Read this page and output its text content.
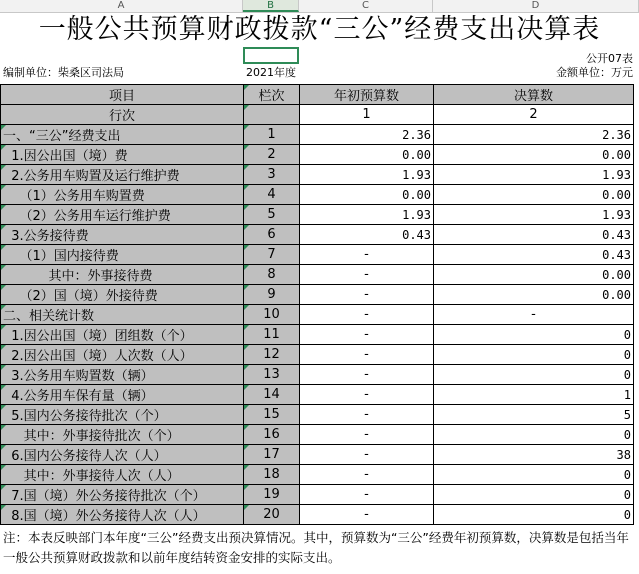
A	B	C	D
一般公共预算财政拨款“三公”经费支出决算表
公开07表
编制单位：柴桑区司法局	2021年度	金额单位：万元
项目	栏次	年初预算数	决算数
行次		1	2
一、“三公”经费支出	1	2.36	2.36
1.因公出国（境）费	2	0.00	0.00
2.公务用车购置及运行维护费	3	1.93	1.93
（1）公务用车购置费	4	0.00	0.00
（2）公务用车运行维护费	5	1.93	1.93
3.公务接待费	6	0.43	0.43
（1）国内接待费	7	-	0.43
其中：外事接待费	8	-	0.00
（2）国（境）外接待费	9	-	0.00
二、相关统计数	10	-	-
1.因公出国（境）团组数（个）	11	-	0
2.因公出国（境）人次数（人）	12	-	0
3.公务用车购置数（辆）	13	-	0
4.公务用车保有量（辆）	14	-	1
5.国内公务接待批次（个）	15	-	5
其中：外事接待批次（个）	16	-	0
6.国内公务接待人次（人）	17	-	38
其中：外事接待人次（人）	18	-	0
7.国（境）外公务接待批次（个）	19	-	0
8.国（境）外公务接待人次（人）	20	-	0
注：本表反映部门本年度“三公”经费支出预决算情况。其中，预算数为“三公”经费年初预算数，决算数是包括当年一般公共预算财政拨款和以前年度结转资金安排的实际支出。
